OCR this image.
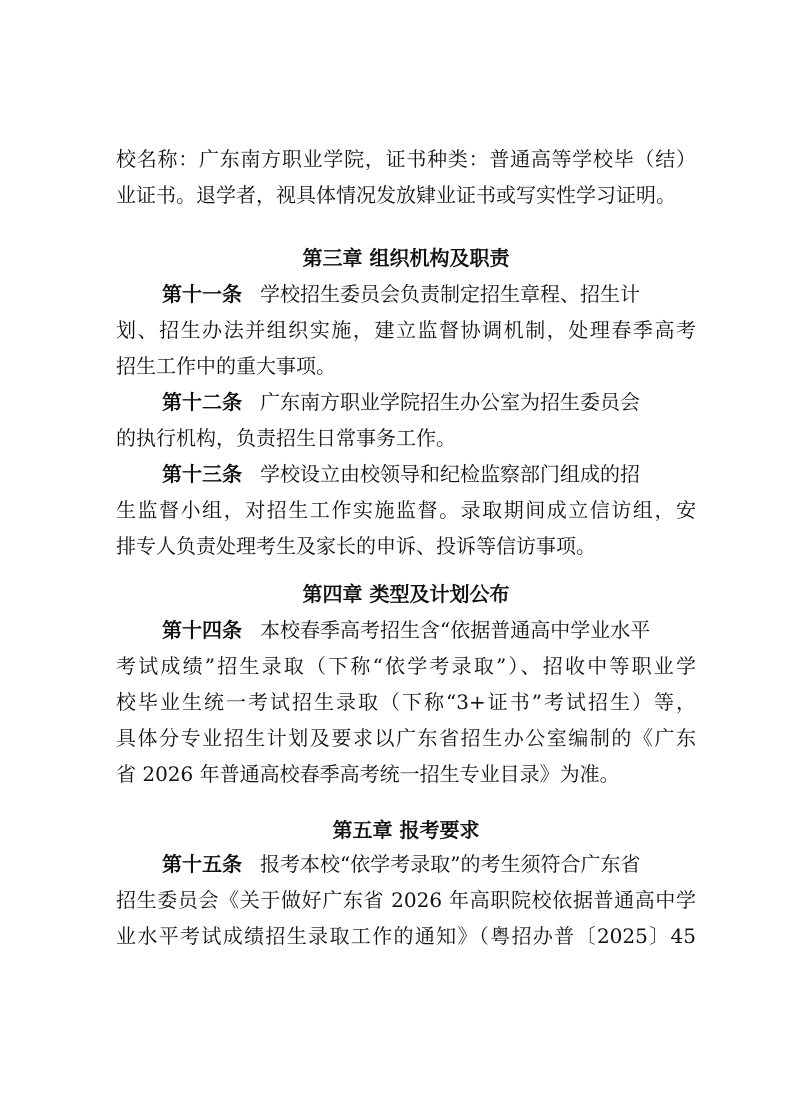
校名称：广东南方职业学院，证书种类：普通高等学校毕（结）
业证书。退学者，视具体情况发放肄业证书或写实性学习证明。
第三章 组织机构及职责
第十一条 学校招生委员会负责制定招生章程、招生计
划、招生办法并组织实施，建立监督协调机制，处理春季高考
招生工作中的重大事项。
第十二条 广东南方职业学院招生办公室为招生委员会
的执行机构，负责招生日常事务工作。
第十三条 学校设立由校领导和纪检监察部门组成的招
生监督小组，对招生工作实施监督。录取期间成立信访组，安
排专人负责处理考生及家长的申诉、投诉等信访事项。
第四章 类型及计划公布
第十四条 本校春季高考招生含“依据普通高中学业水平
考试成绩”招生录取（下称“依学考录取”）、招收中等职业学
校毕业生统一考试招生录取（下称“3+证书”考试招生）等，
具体分专业招生计划及要求以广东省招生办公室编制的《广东
省 2026 年普通高校春季高考统一招生专业目录》为准。
第五章 报考要求
第十五条 报考本校“依学考录取”的考生须符合广东省
招生委员会《关于做好广东省 2026 年高职院校依据普通高中学
业水平考试成绩招生录取工作的通知》（粤招办普〔2025〕45
